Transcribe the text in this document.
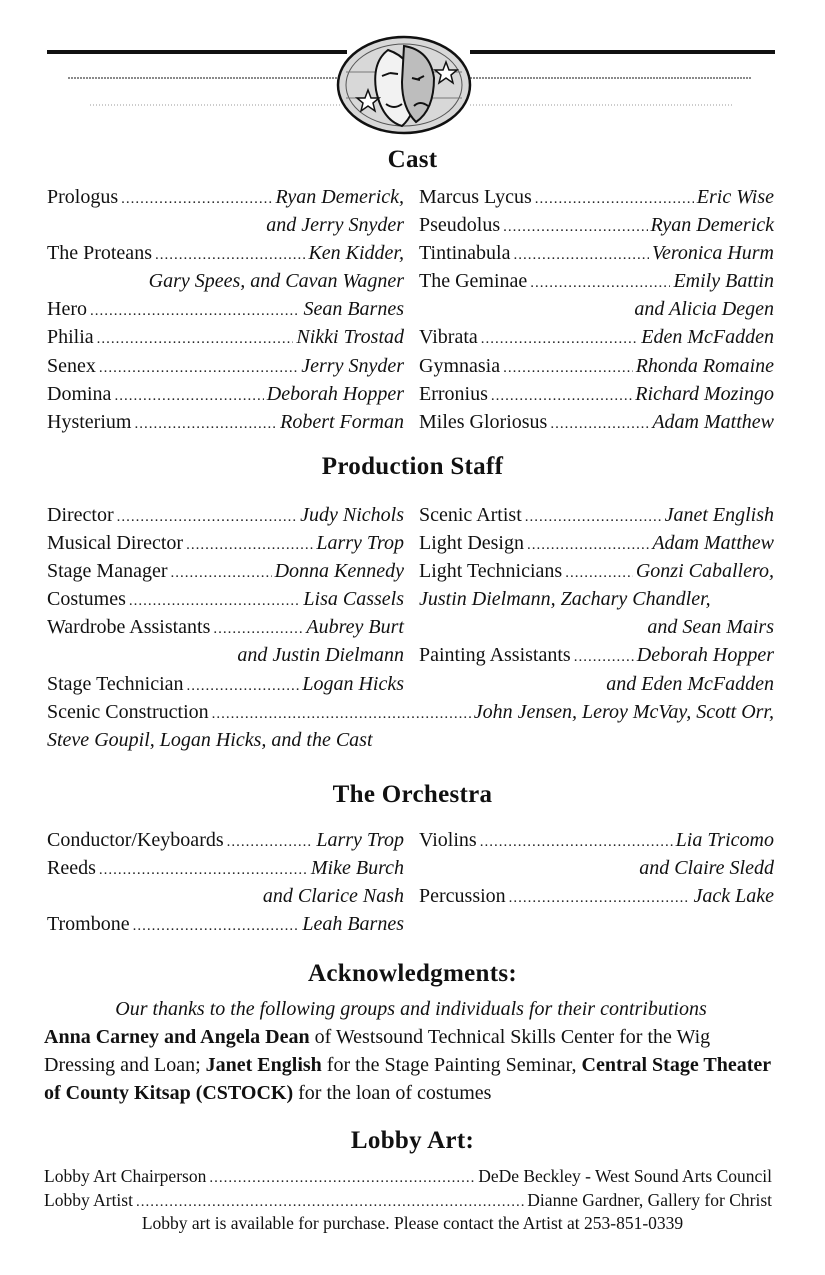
Cast
Prologus .....	Ryan Demerick,
and Jerry Snyder
The Proteans .....	Ken Kidder,
Gary Spees, and Cavan Wagner
Hero .....	Sean Barnes
Philia .....	Nikki Trostad
Senex .....	Jerry Snyder
Domina .....	Deborah Hopper
Hysterium .....	Robert Forman
Marcus Lycus .....	Eric Wise
Pseudolus .....	Ryan Demerick
Tintinabula .....	Veronica Hurm
The Geminae .....	Emily Battin
and Alicia Degen
Vibrata .....	Eden McFadden
Gymnasia .....	Rhonda Romaine
Erronius .....	Richard Mozingo
Miles Gloriosus .....	Adam Matthew
Production Staff
Director .....	Judy Nichols
Musical Director .....	Larry Trop
Stage Manager .....	Donna Kennedy
Costumes .....	Lisa Cassels
Wardrobe Assistants .....	Aubrey Burt
and Justin Dielmann
Stage Technician .....	Logan Hicks
Scenic Artist .....	Janet English
Light Design .....	Adam Matthew
Light Technicians .....	Gonzi Caballero,
Justin Dielmann, Zachary Chandler,
and Sean Mairs
Painting Assistants .....	Deborah Hopper
and Eden McFadden
Scenic Construction .....	John Jensen, Leroy McVay, Scott Orr,
Steve Goupil, Logan Hicks, and the Cast
The Orchestra
Conductor/Keyboards .....	Larry Trop
Reeds .....	Mike Burch
and Clarice Nash
Trombone .....	Leah Barnes
Violins .....	Lia Tricomo
and Claire Sledd
Percussion .....	Jack Lake
Acknowledgments:
Our thanks to the following groups and individuals for their contributions
Anna Carney and Angela Dean of Westsound Technical Skills Center for the Wig Dressing and Loan; Janet English for the Stage Painting Seminar, Central Stage Theater of County Kitsap (CSTOCK) for the loan of costumes
Lobby Art:
Lobby Art Chairperson .....	DeDe Beckley - West Sound Arts Council
Lobby Artist .....	Dianne Gardner, Gallery for Christ
Lobby art is available for purchase. Please contact the Artist at 253-851-0339
